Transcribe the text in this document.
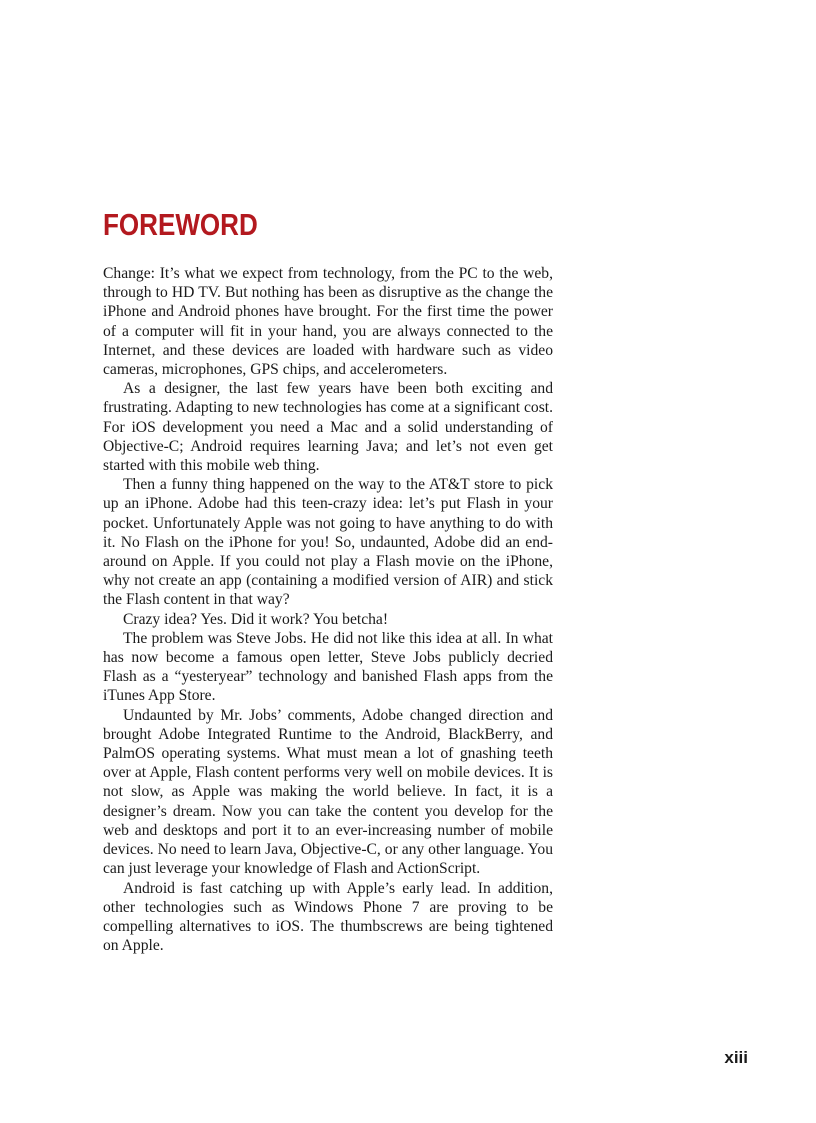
FOREWORD

Change: It’s what we expect from technology, from the PC to the web, through to HD TV. But nothing has been as disruptive as the change the iPhone and Android phones have brought. For the first time the power of a computer will fit in your hand, you are always connected to the Internet, and these devices are loaded with hardware such as video cameras, microphones, GPS chips, and accelerometers.

As a designer, the last few years have been both exciting and frustrating. Adapting to new technologies has come at a significant cost. For iOS development you need a Mac and a solid understanding of Objective-C; Android requires learning Java; and let’s not even get started with this mobile web thing.

Then a funny thing happened on the way to the AT&T store to pick up an iPhone. Adobe had this teen-crazy idea: let’s put Flash in your pocket. Unfortunately Apple was not going to have anything to do with it. No Flash on the iPhone for you! So, undaunted, Adobe did an end-around on Apple. If you could not play a Flash movie on the iPhone, why not create an app (containing a modified version of AIR) and stick the Flash content in that way?

Crazy idea? Yes. Did it work? You betcha!

The problem was Steve Jobs. He did not like this idea at all. In what has now become a famous open letter, Steve Jobs publicly decried Flash as a “yesteryear” technology and banished Flash apps from the iTunes App Store.

Undaunted by Mr. Jobs’ comments, Adobe changed direction and brought Adobe Integrated Runtime to the Android, BlackBerry, and PalmOS operating systems. What must mean a lot of gnashing teeth over at Apple, Flash content performs very well on mobile devices. It is not slow, as Apple was making the world believe. In fact, it is a designer’s dream. Now you can take the content you develop for the web and desktops and port it to an ever-increasing number of mobile devices. No need to learn Java, Objective-C, or any other language. You can just leverage your knowledge of Flash and ActionScript.

Android is fast catching up with Apple’s early lead. In addition, other technologies such as Windows Phone 7 are proving to be compelling alternatives to iOS. The thumbscrews are being tightened on Apple.

xiii
